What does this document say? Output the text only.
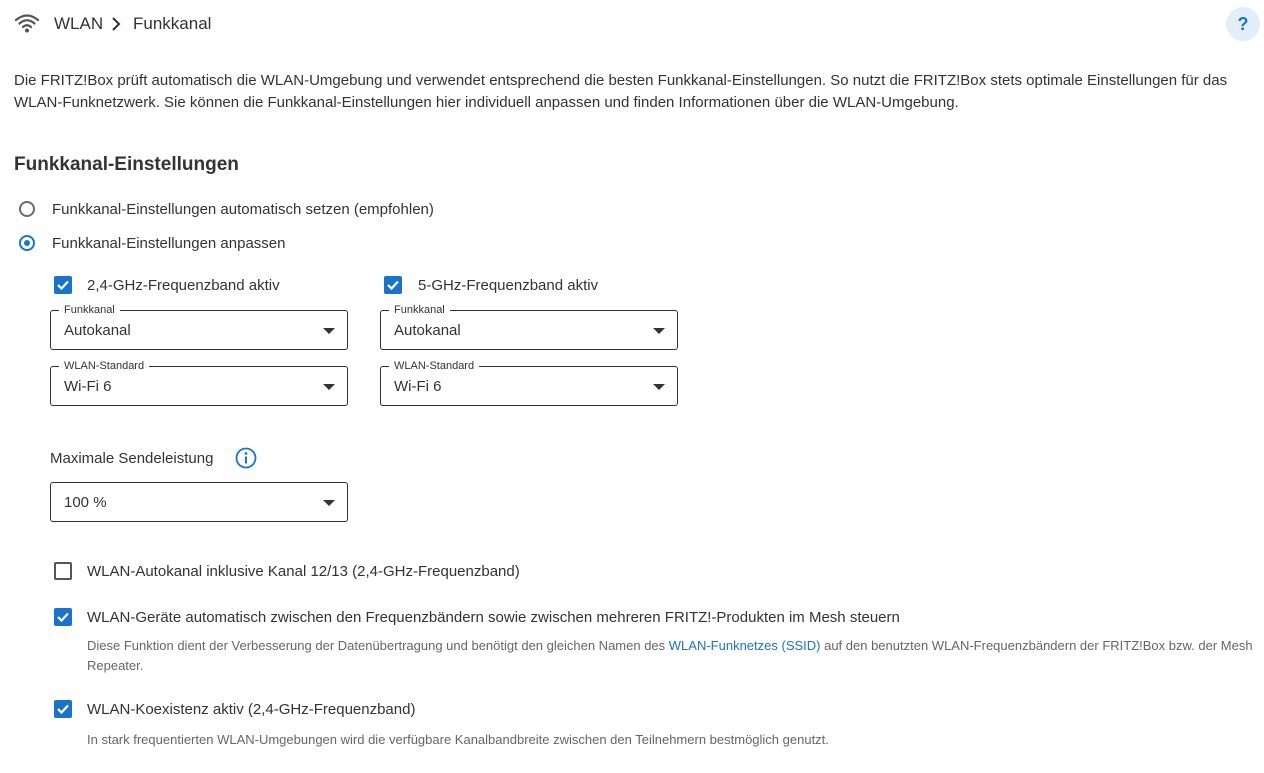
WLAN Funkkanal	?
Die FRITZ!Box prüft automatisch die WLAN-Umgebung und verwendet entsprechend die besten Funkkanal-Einstellungen. So nutzt die FRITZ!Box stets optimale Einstellungen für das WLAN-Funknetzwerk. Sie können die Funkkanal-Einstellungen hier individuell anpassen und finden Informationen über die WLAN-Umgebung.
Funkkanal-Einstellungen
Funkkanal-Einstellungen automatisch setzen (empfohlen)
Funkkanal-Einstellungen anpassen
2,4-GHz-Frequenzband aktiv
Funkkanal
Autokanal
WLAN-Standard
Wi-Fi 6
5-GHz-Frequenzband aktiv
Funkkanal
Autokanal
WLAN-Standard
Wi-Fi 6
Maximale Sendeleistung
100 %
WLAN-Autokanal inklusive Kanal 12/13 (2,4-GHz-Frequenzband)
WLAN-Geräte automatisch zwischen den Frequenzbändern sowie zwischen mehreren FRITZ!-Produkten im Mesh steuern
Diese Funktion dient der Verbesserung der Datenübertragung und benötigt den gleichen Namen des WLAN-Funknetzes (SSID) auf den benutzten WLAN-Frequenzbändern der FRITZ!Box bzw. der Mesh Repeater.
WLAN-Koexistenz aktiv (2,4-GHz-Frequenzband)
In stark frequentierten WLAN-Umgebungen wird die verfügbare Kanalbandbreite zwischen den Teilnehmern bestmöglich genutzt.
